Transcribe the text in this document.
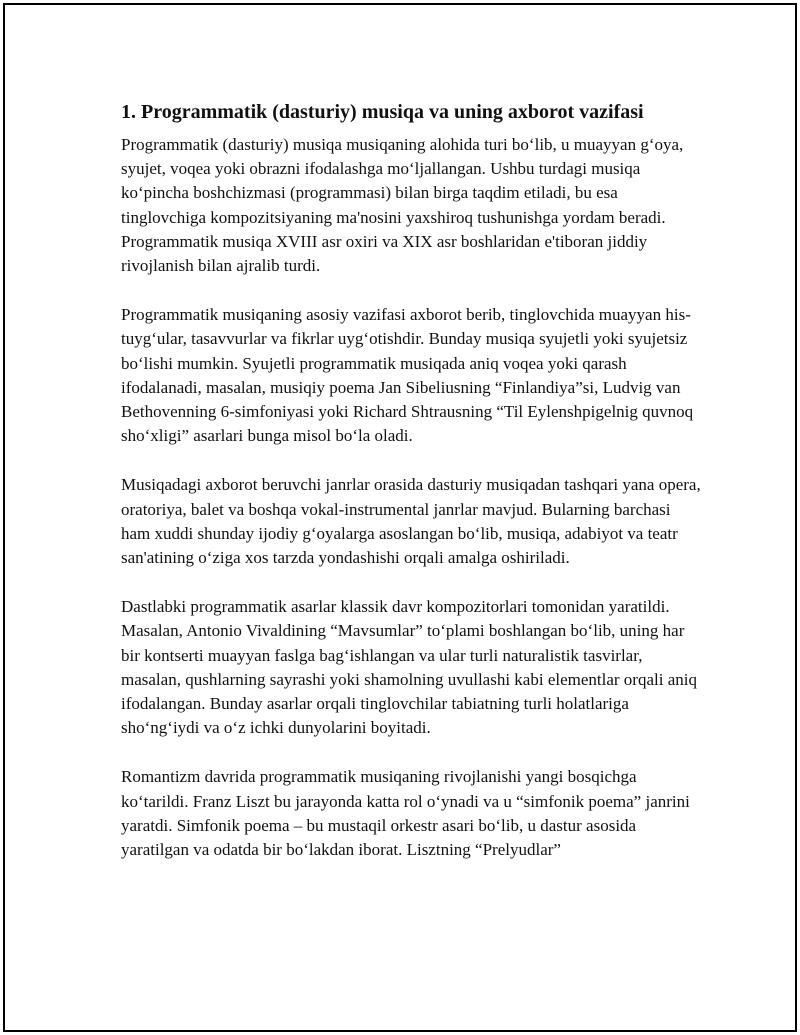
1. Programmatik (dasturiy) musiqa va uning axborot vazifasi

Programmatik (dasturiy) musiqa musiqaning alohida turi bo‘lib, u muayyan g‘oya, syujet, voqea yoki obrazni ifodalashga mo‘ljallangan. Ushbu turdagi musiqa ko‘pincha boshchizmasi (programmasi) bilan birga taqdim etiladi, bu esa tinglovchiga kompozitsiyaning ma'nosini yaxshiroq tushunishga yordam beradi. Programmatik musiqa XVIII asr oxiri va XIX asr boshlaridan e'tiboran jiddiy rivojlanish bilan ajralib turdi.

Programmatik musiqaning asosiy vazifasi axborot berib, tinglovchida muayyan his-tuyg‘ular, tasavvurlar va fikrlar uyg‘otishdir. Bunday musiqa syujetli yoki syujetsiz bo‘lishi mumkin. Syujetli programmatik musiqada aniq voqea yoki qarash ifodalanadi, masalan, musiqiy poema Jan Sibeliusning “Finlandiya”si, Ludvig van Bethovenning 6-simfoniyasi yoki Richard Shtrausning “Til Eylenshpigelnig quvnoq sho‘xligi” asarlari bunga misol bo‘la oladi.

Musiqadagi axborot beruvchi janrlar orasida dasturiy musiqadan tashqari yana opera, oratoriya, balet va boshqa vokal-instrumental janrlar mavjud. Bularning barchasi ham xuddi shunday ijodiy g‘oyalarga asoslangan bo‘lib, musiqa, adabiyot va teatr san'atining o‘ziga xos tarzda yondashishi orqali amalga oshiriladi.

Dastlabki programmatik asarlar klassik davr kompozitorlari tomonidan yaratildi. Masalan, Antonio Vivaldining “Mavsumlar” to‘plami boshlangan bo‘lib, uning har bir kontserti muayyan faslga bag‘ishlangan va ular turli naturalistik tasvirlar, masalan, qushlarning sayrashi yoki shamolning uvullashi kabi elementlar orqali aniq ifodalangan. Bunday asarlar orqali tinglovchilar tabiatning turli holatlariga sho‘ng‘iydi va o‘z ichki dunyolarini boyitadi.

Romantizm davrida programmatik musiqaning rivojlanishi yangi bosqichga ko‘tarildi. Franz Liszt bu jarayonda katta rol o‘ynadi va u “simfonik poema” janrini yaratdi. Simfonik poema – bu mustaqil orkestr asari bo‘lib, u dastur asosida yaratilgan va odatda bir bo‘lakdan iborat. Lisztning “Prelyudlar”
